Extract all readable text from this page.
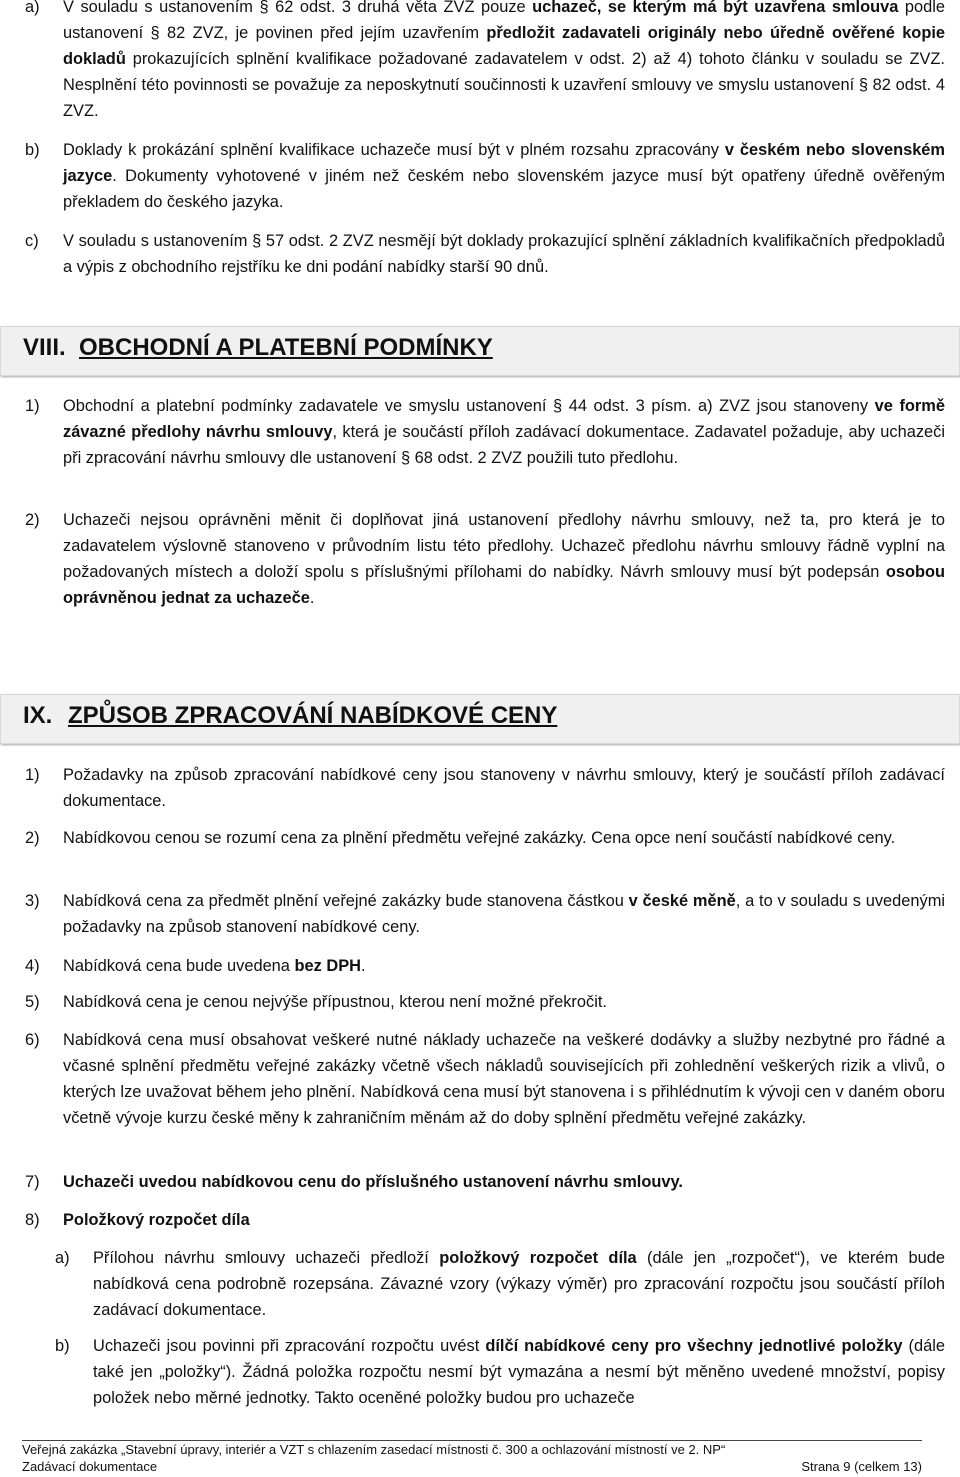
a) V souladu s ustanovením § 62 odst. 3 druhá věta ZVZ pouze uchazeč, se kterým má být uzavřena smlouva podle ustanovení § 82 ZVZ, je povinen před jejím uzavřením předložit zadavateli originály nebo úředně ověřené kopie dokladů prokazujících splnění kvalifikace požadované zadavatelem v odst. 2) až 4) tohoto článku v souladu se ZVZ. Nesplnění této povinnosti se považuje za neposkytnutí součinnosti k uzavření smlouvy ve smyslu ustanovení § 82 odst. 4 ZVZ.
b) Doklady k prokázání splnění kvalifikace uchazeče musí být v plném rozsahu zpracovány v českém nebo slovenském jazyce. Dokumenty vyhotovené v jiném než českém nebo slovenském jazyce musí být opatřeny úředně ověřeným překladem do českého jazyka.
c) V souladu s ustanovením § 57 odst. 2 ZVZ nesmějí být doklady prokazující splnění základních kvalifikačních předpokladů a výpis z obchodního rejstříku ke dni podání nabídky starší 90 dnů.
VIII. OBCHODNÍ A PLATEBNÍ PODMÍNKY
1) Obchodní a platební podmínky zadavatele ve smyslu ustanovení § 44 odst. 3 písm. a) ZVZ jsou stanoveny ve formě závazné předlohy návrhu smlouvy, která je součástí příloh zadávací dokumentace. Zadavatel požaduje, aby uchazeči při zpracování návrhu smlouvy dle ustanovení § 68 odst. 2 ZVZ použili tuto předlohu.
2) Uchazeči nejsou oprávněni měnit či doplňovat jiná ustanovení předlohy návrhu smlouvy, než ta, pro která je to zadavatelem výslovně stanoveno v průvodním listu této předlohy. Uchazeč předlohu návrhu smlouvy řádně vyplní na požadovaných místech a doloží spolu s příslušnými přílohami do nabídky. Návrh smlouvy musí být podepsán osobou oprávněnou jednat za uchazeče.
IX. ZPŮSOB ZPRACOVÁNÍ NABÍDKOVÉ CENY
1) Požadavky na způsob zpracování nabídkové ceny jsou stanoveny v návrhu smlouvy, který je součástí příloh zadávací dokumentace.
2) Nabídkovou cenou se rozumí cena za plnění předmětu veřejné zakázky. Cena opce není součástí nabídkové ceny.
3) Nabídková cena za předmět plnění veřejné zakázky bude stanovena částkou v české měně, a to v souladu s uvedenými požadavky na způsob stanovení nabídkové ceny.
4) Nabídková cena bude uvedena bez DPH.
5) Nabídková cena je cenou nejvýše přípustnou, kterou není možné překročit.
6) Nabídková cena musí obsahovat veškeré nutné náklady uchazeče na veškeré dodávky a služby nezbytné pro řádné a včasné splnění předmětu veřejné zakázky včetně všech nákladů souvisejících při zohlednění veškerých rizik a vlivů, o kterých lze uvažovat během jeho plnění. Nabídková cena musí být stanovena i s přihlédnutím k vývoji cen v daném oboru včetně vývoje kurzu české měny k zahraničním měnám až do doby splnění předmětu veřejné zakázky.
7) Uchazeči uvedou nabídkovou cenu do příslušného ustanovení návrhu smlouvy.
8) Položkový rozpočet díla
a) Přílohou návrhu smlouvy uchazeči předloží položkový rozpočet díla (dále jen „rozpočet“), ve kterém bude nabídková cena podrobně rozepsána. Závazné vzory (výkazy výměr) pro zpracování rozpočtu jsou součástí příloh zadávací dokumentace.
b) Uchazeči jsou povinni při zpracování rozpočtu uvést dílčí nabídkové ceny pro všechny jednotlivé položky (dále také jen „položky“). Žádná položka rozpočtu nesmí být vymazána a nesmí být měněno uvedené množství, popisy položek nebo měrné jednotky. Takto oceněné položky budou pro uchazeče
Veřejná zakázka „Stavební úpravy, interiér a VZT s chlazením zasedací místnosti č. 300 a ochlazování místností ve 2. NP“
Zadávací dokumentace	Strana 9 (celkem 13)
